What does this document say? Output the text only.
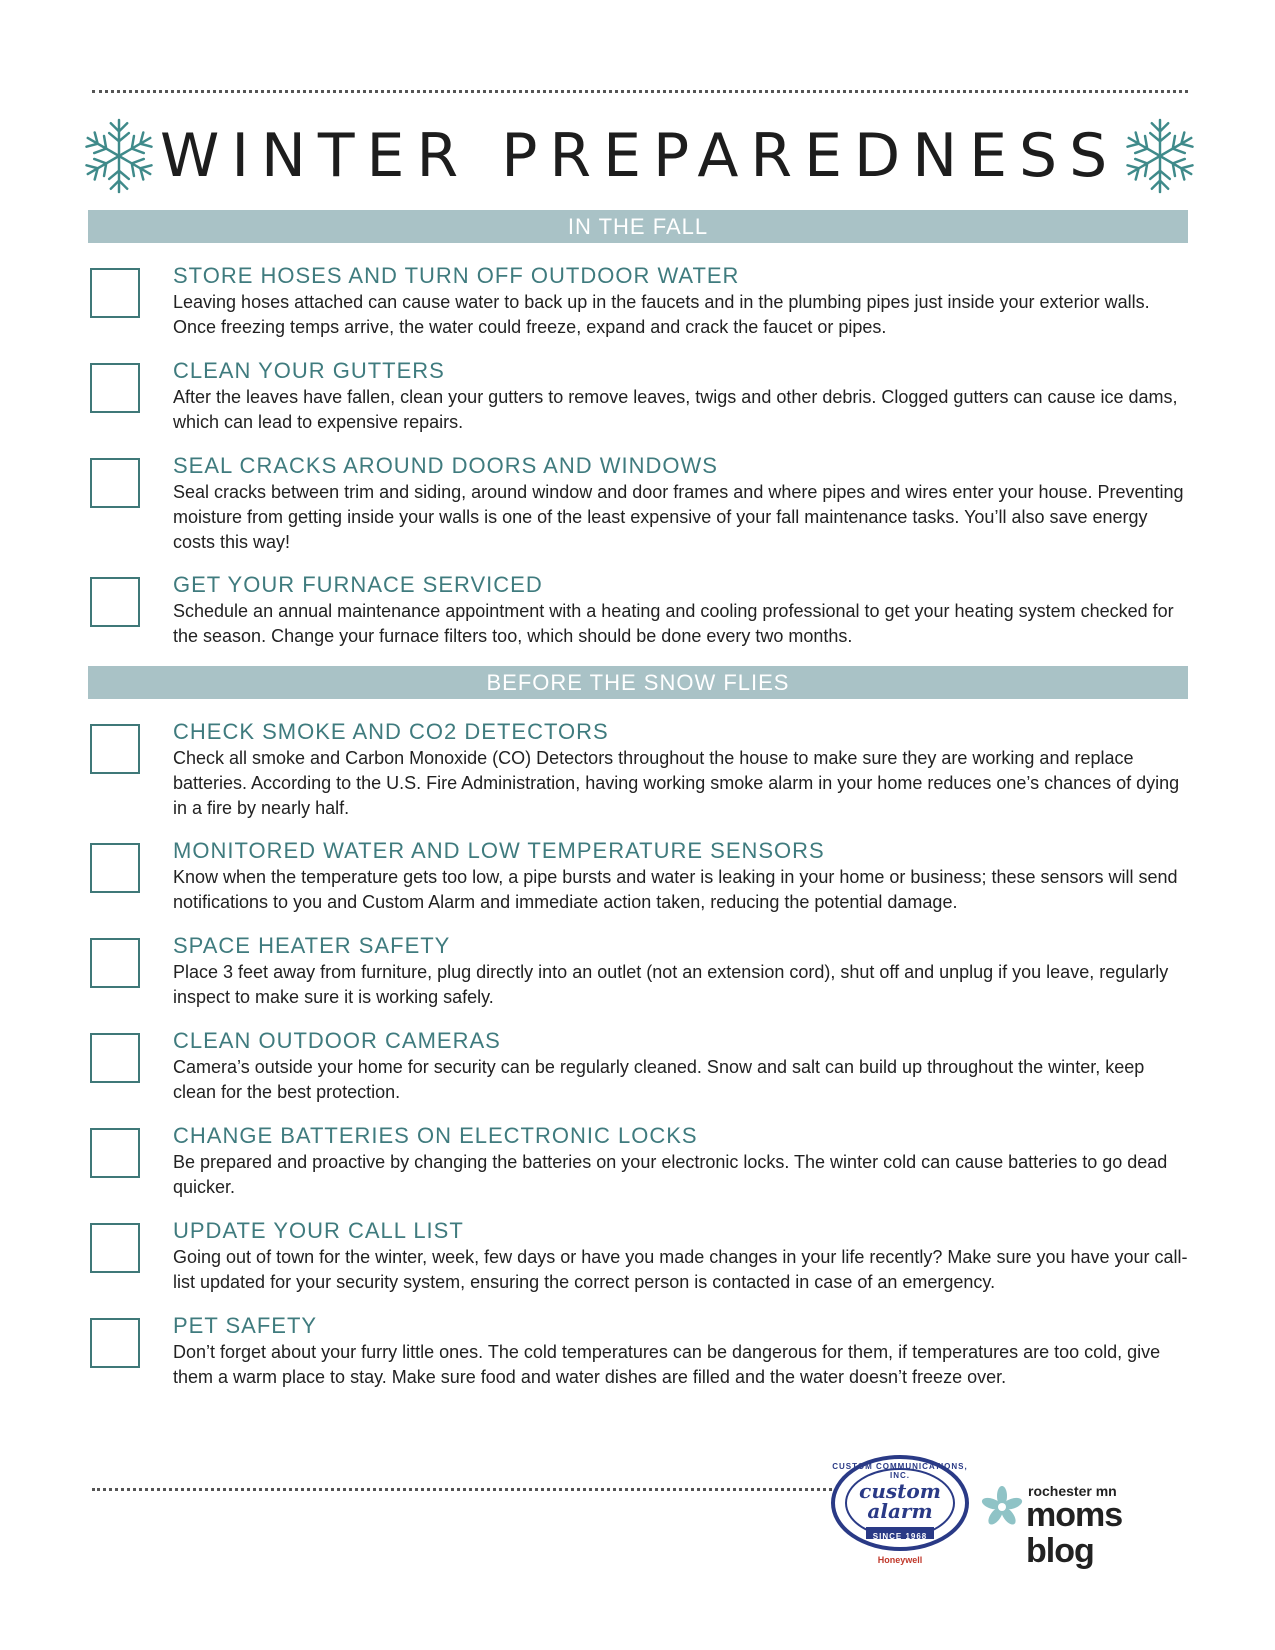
WINTER PREPAREDNESS
IN THE FALL
STORE HOSES AND TURN OFF OUTDOOR WATER

Leaving hoses attached can cause water to back up in the faucets and in the plumbing pipes just inside your exterior walls. Once freezing temps arrive, the water could freeze, expand and crack the faucet or pipes.

CLEAN YOUR GUTTERS

After the leaves have fallen, clean your gutters to remove leaves, twigs and other debris. Clogged gutters can cause ice dams, which can lead to expensive repairs.

SEAL CRACKS AROUND DOORS AND WINDOWS

Seal cracks between trim and siding, around window and door frames and where pipes and wires enter your house. Preventing moisture from getting inside your walls is one of the least expensive of your fall maintenance tasks. You’ll also save energy costs this way!

GET YOUR FURNACE SERVICED

Schedule an annual maintenance appointment with a heating and cooling professional to get your heating system checked for the season. Change your furnace filters too, which should be done every two months.

BEFORE THE SNOW FLIES
CHECK SMOKE AND CO2 DETECTORS

Check all smoke and Carbon Monoxide (CO) Detectors throughout the house to make sure they are working and replace batteries. According to the U.S. Fire Administration, having working smoke alarm in your home reduces one’s chances of dying in a fire by nearly half.

MONITORED WATER AND LOW TEMPERATURE SENSORS

Know when the temperature gets too low, a pipe bursts and water is leaking in your home or business; these sensors will send notifications to you and Custom Alarm and immediate action taken, reducing the potential damage.

SPACE HEATER SAFETY

Place 3 feet away from furniture, plug directly into an outlet (not an extension cord), shut off and unplug if you leave, regularly inspect to make sure it is working safely.

CLEAN OUTDOOR CAMERAS

Camera’s outside your home for security can be regularly cleaned. Snow and salt can build up throughout the winter, keep clean for the best protection.

CHANGE BATTERIES ON ELECTRONIC LOCKS

Be prepared and proactive by changing the batteries on your electronic locks. The winter cold can cause batteries to go dead quicker.

UPDATE YOUR CALL LIST

Going out of town for the winter, week, few days or have you made changes in your life recently? Make sure you have your call-list updated for your security system, ensuring the correct person is contacted in case of an emergency.

PET SAFETY

Don’t forget about your furry little ones. The cold temperatures can be dangerous for them, if temperatures are too cold, give them a warm place to stay. Make sure food and water dishes are filled and the water doesn’t freeze over.

CUSTOM COMMUNICATIONS, INC.
custom
alarm
SINCE 1968
Honeywell
rochester mn
moms blog
